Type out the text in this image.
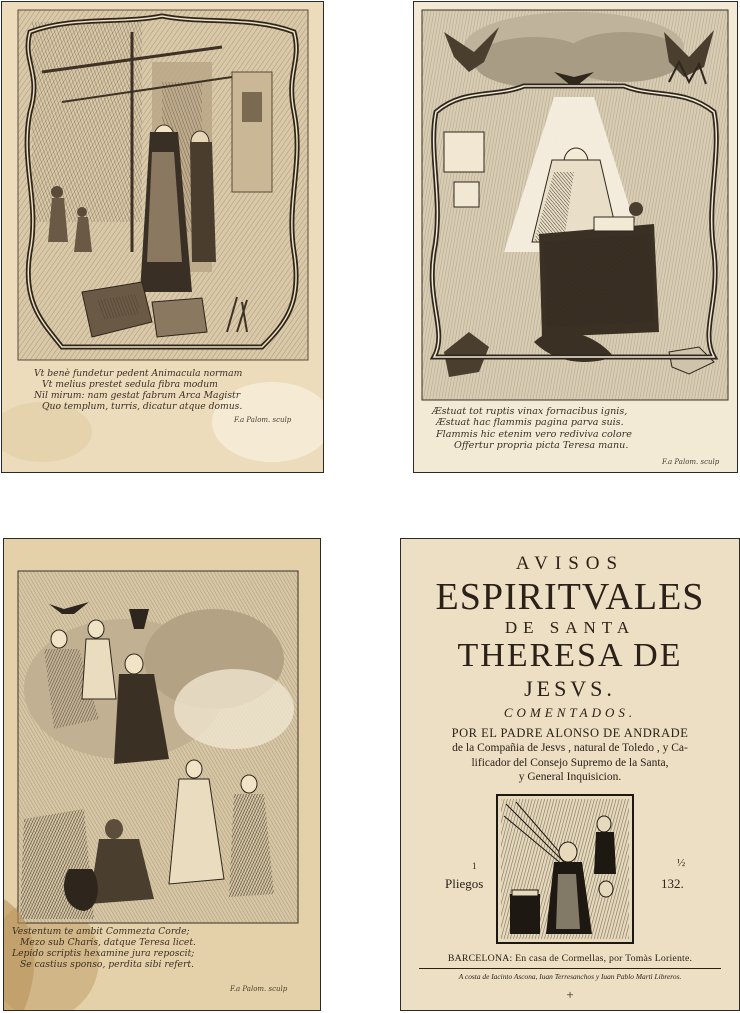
Vt benè fundetur pedent Animacula normam
Vt melius prestet sedula fibra modum
Nil mirum: nam gestat fabrum Arca Magistr
Quo templum, turris, dicatur atque domus.
F.a Palom. sculp
Æstuat tot ruptis vinax fornacibus ignis,
Æstuat hac flammis pagina parva suis.
Flammis hic etenim vero rediviva colore
Offertur propria picta Teresa manu.
F.a Palom. sculp
Vestentum te ambit Commezta Corde;
Mezo sub Charis, datque Teresa licet.
Lepido scriptis hexamine jura reposcit;
Se castius sponso, perdita sibi refert.
F.a Palom. sculp
AVISOS
ESPIRITVALES
DE SANTA
THERESA DE
JESVS.
COMENTADOS.
POR EL PADRE ALONSO DE ANDRADE
de la Compañia de Jesvs , natural de Toledo , y Ca-
lificador del Consejo Supremo de la Santa,
y General Inquisicion.
Pliegos
1	½
132.
BARCELONA: En casa de Cormellas, por Tomàs Loriente.
A costa de Iacinto Ascona, Iuan Terresanchos y Iuan Pablo Martì Libreros.
+
